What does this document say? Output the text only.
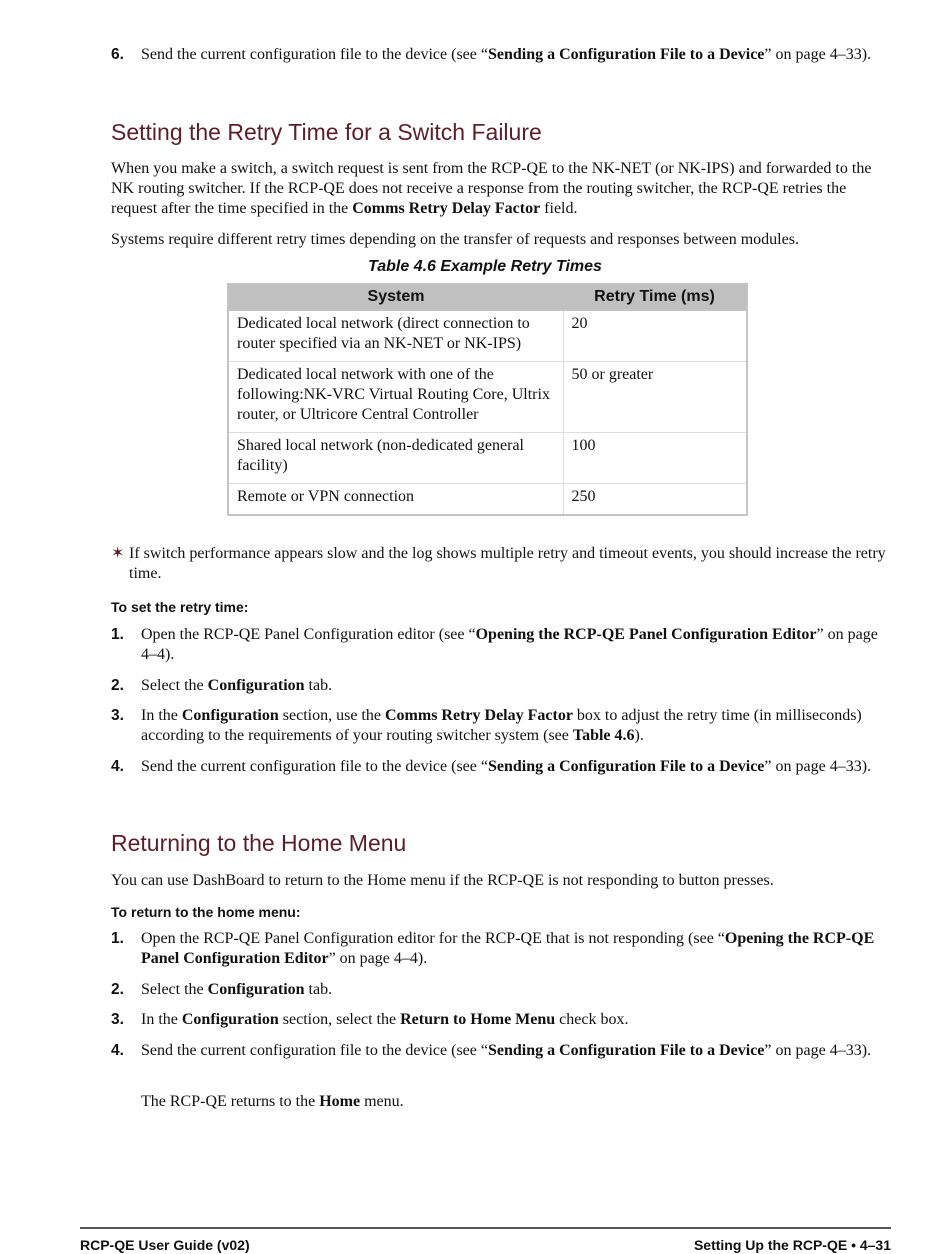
6. Send the current configuration file to the device (see “Sending a Configuration File to a Device” on page 4–33).
Setting the Retry Time for a Switch Failure
When you make a switch, a switch request is sent from the RCP-QE to the NK-NET (or NK-IPS) and forwarded to the NK routing switcher. If the RCP-QE does not receive a response from the routing switcher, the RCP-QE retries the request after the time specified in the Comms Retry Delay Factor field.
Systems require different retry times depending on the transfer of requests and responses between modules.
Table 4.6 Example Retry Times
System	Retry Time (ms)
Dedicated local network (direct connection to router specified via an NK-NET or NK-IPS)	20
Dedicated local network with one of the following:NK-VRC Virtual Routing Core, Ultrix router, or Ultricore Central Controller	50 or greater
Shared local network (non-dedicated general facility)	100
Remote or VPN connection	250
✶ If switch performance appears slow and the log shows multiple retry and timeout events, you should increase the retry time.
To set the retry time:
1. Open the RCP-QE Panel Configuration editor (see “Opening the RCP-QE Panel Configuration Editor” on page 4–4).
2. Select the Configuration tab.
3. In the Configuration section, use the Comms Retry Delay Factor box to adjust the retry time (in milliseconds) according to the requirements of your routing switcher system (see Table 4.6).
4. Send the current configuration file to the device (see “Sending a Configuration File to a Device” on page 4–33).
Returning to the Home Menu
You can use DashBoard to return to the Home menu if the RCP-QE is not responding to button presses.
To return to the home menu:
1. Open the RCP-QE Panel Configuration editor for the RCP-QE that is not responding (see “Opening the RCP-QE Panel Configuration Editor” on page 4–4).
2. Select the Configuration tab.
3. In the Configuration section, select the Return to Home Menu check box.
4. Send the current configuration file to the device (see “Sending a Configuration File to a Device” on page 4–33).
The RCP-QE returns to the Home menu.
RCP-QE User Guide (v02)	Setting Up the RCP-QE • 4–31
